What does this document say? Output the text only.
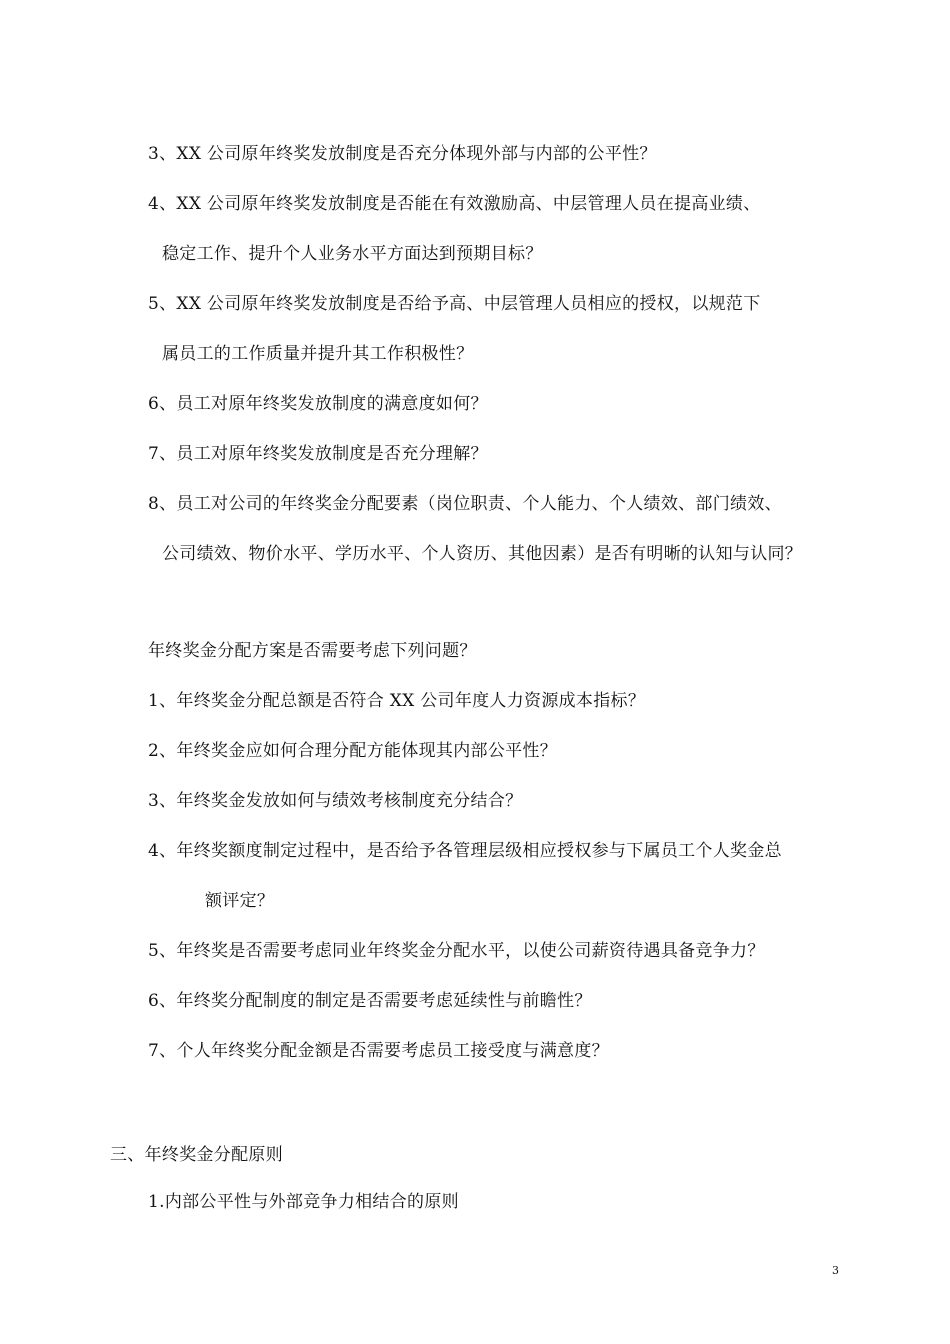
3、XX 公司原年终奖发放制度是否充分体现外部与内部的公平性？
4、XX 公司原年终奖发放制度是否能在有效激励高、中层管理人员在提高业绩、
稳定工作、提升个人业务水平方面达到预期目标？
5、XX 公司原年终奖发放制度是否给予高、中层管理人员相应的授权，以规范下
属员工的工作质量并提升其工作积极性？
6、员工对原年终奖发放制度的满意度如何？
7、员工对原年终奖发放制度是否充分理解？
8、员工对公司的年终奖金分配要素（岗位职责、个人能力、个人绩效、部门绩效、
公司绩效、物价水平、学历水平、个人资历、其他因素）是否有明晰的认知与认同？
年终奖金分配方案是否需要考虑下列问题？
1、年终奖金分配总额是否符合 XX 公司年度人力资源成本指标？
2、年终奖金应如何合理分配方能体现其内部公平性？
3、年终奖金发放如何与绩效考核制度充分结合？
4、年终奖额度制定过程中，是否给予各管理层级相应授权参与下属员工个人奖金总
额评定？
5、年终奖是否需要考虑同业年终奖金分配水平，以使公司薪资待遇具备竞争力？
6、年终奖分配制度的制定是否需要考虑延续性与前瞻性？
7、个人年终奖分配金额是否需要考虑员工接受度与满意度？
三、年终奖金分配原则
1.内部公平性与外部竞争力相结合的原则
3
